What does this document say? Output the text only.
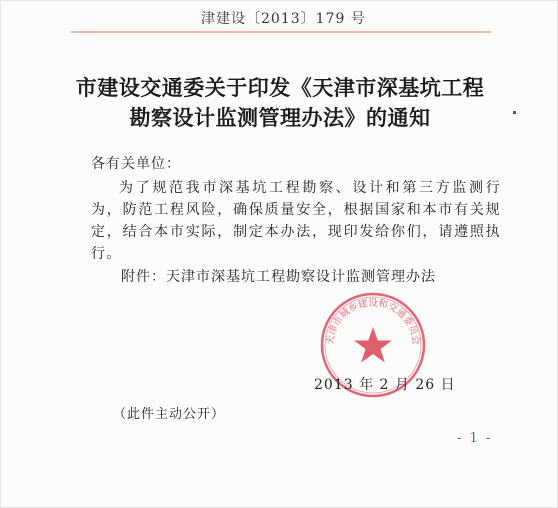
津建设〔2013〕179 号
市建设交通委关于印发《天津市深基坑工程
勘察设计监测管理办法》的通知
各有关单位：
为了规范我市深基坑工程勘察、设计和第三方监测行为，防范工程风险，确保质量安全，根据国家和本市有关规定，结合本市实际，制定本办法，现印发给你们，请遵照执行。
附件：天津市深基坑工程勘察设计监测管理办法
天津市城乡建设和交通委员会
2013 年 2 月 26 日
（此件主动公开）
- 1 -
